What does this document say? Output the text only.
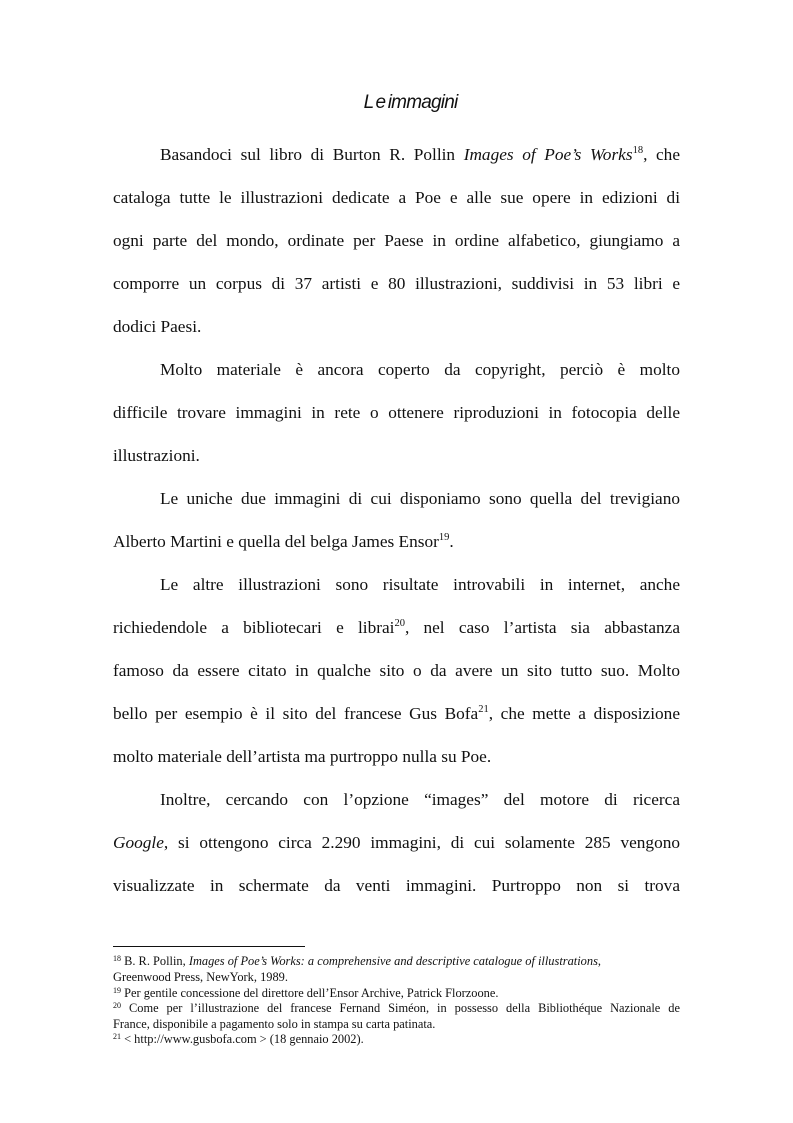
L e immagini
Basandoci sul libro di Burton R. Pollin Images of Poe’s Works$^{18}$, che
cataloga tutte le illustrazioni dedicate a Poe e alle sue opere in edizioni di
ogni parte del mondo, ordinate per Paese in ordine alfabetico, giungiamo a
comporre un corpus di 37 artisti e 80 illustrazioni, suddivisi in 53 libri e
dodici Paesi.
Molto materiale è ancora coperto da copyright, perciò è molto
difficile trovare immagini in rete o ottenere riproduzioni in fotocopia delle
illustrazioni.
Le uniche due immagini di cui disponiamo sono quella del trevigiano
Alberto Martini e quella del belga James Ensor$^{19}$.
Le altre illustrazioni sono risultate introvabili in internet, anche
richiedendole a bibliotecari e librai$^{20}$, nel caso l’artista sia abbastanza
famoso da essere citato in qualche sito o da avere un sito tutto suo. Molto
bello per esempio è il sito del francese Gus Bofa$^{21}$, che mette a disposizione
molto materiale dell’artista ma purtroppo nulla su Poe.
Inoltre, cercando con l’opzione “images” del motore di ricerca
Google, si ottengono circa 2.290 immagini, di cui solamente 285 vengono
visualizzate in schermate da venti immagini. Purtroppo non si trova
$^{18}$ B. R. Pollin, Images of Poe’s Works: a comprehensive and descriptive catalogue of illustrations,
Greenwood Press, NewYork, 1989.
$^{19}$ Per gentile concessione del direttore dell’Ensor Archive, Patrick Florzoone.
$^{20}$ Come per l’illustrazione del francese Fernand Siméon, in possesso della Bibliothéque Nazionale de
France, disponibile a pagamento solo in stampa su carta patinata.
$^{21}$ < http://www.gusbofa.com > (18 gennaio 2002).
